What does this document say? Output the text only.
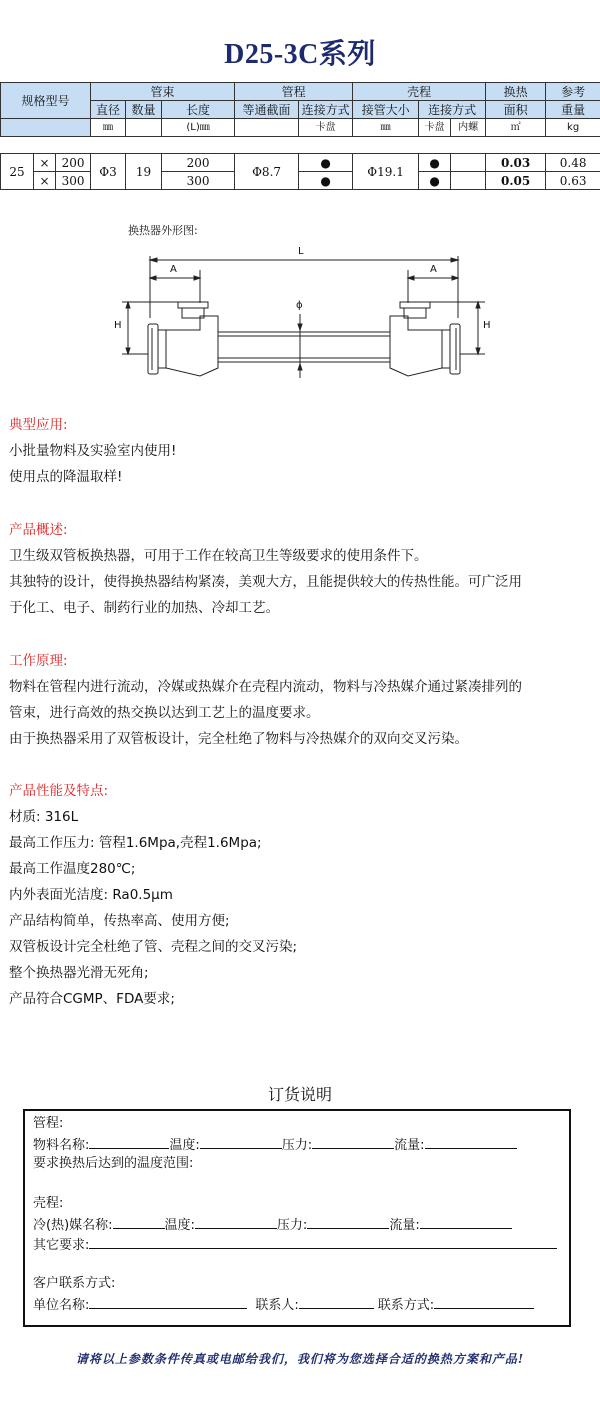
D25-3C系列
规格型号			管束			管程		壳程			换热	参考
			直径	数量	长度	等通截面	连接方式	接管大小	连接方式		面积	重量
			㎜		(L)㎜		卡盘	㎜	卡盘	内螺	㎡	kg

25	×	200	Φ3	19	200	Φ8.7	●	Φ19.1	●		0.03	0.48
	×	300			300		●		●		0.05	0.63
换热器外形图:
L
A	A
H	H
ϕ

典型应用:

小批量物料及实验室内使用!

使用点的降温取样!

产品概述:

卫生级双管板换热器，可用于工作在较高卫生等级要求的使用条件下。

其独特的设计，使得换热器结构紧凑，美观大方，且能提供较大的传热性能。可广泛用

于化工、电子、制药行业的加热、冷却工艺。

工作原理:

物料在管程内进行流动，冷媒或热媒介在壳程内流动，物料与冷热媒介通过紧凑排列的

管束，进行高效的热交换以达到工艺上的温度要求。

由于换热器采用了双管板设计，完全杜绝了物料与冷热媒介的双向交叉污染。

产品性能及特点:

材质: 316L

最高工作压力: 管程1.6Mpa,壳程1.6Mpa;

最高工作温度280℃;

内外表面光洁度: Ra0.5μm

产品结构简单，传热率高、使用方便;

双管板设计完全杜绝了管、壳程之间的交叉污染;

整个换热器光滑无死角;

产品符合CGMP、FDA要求;

订货说明
管程:
物料名称:	温度:	压力:	流量:
要求换热后达到的温度范围:
壳程:
冷(热)媒名称:	温度:	压力:	流量:
其它要求:
客户联系方式:
单位名称:	联系人:	联系方式:
请将以上参数条件传真或电邮给我们，我们将为您选择合适的换热方案和产品!
